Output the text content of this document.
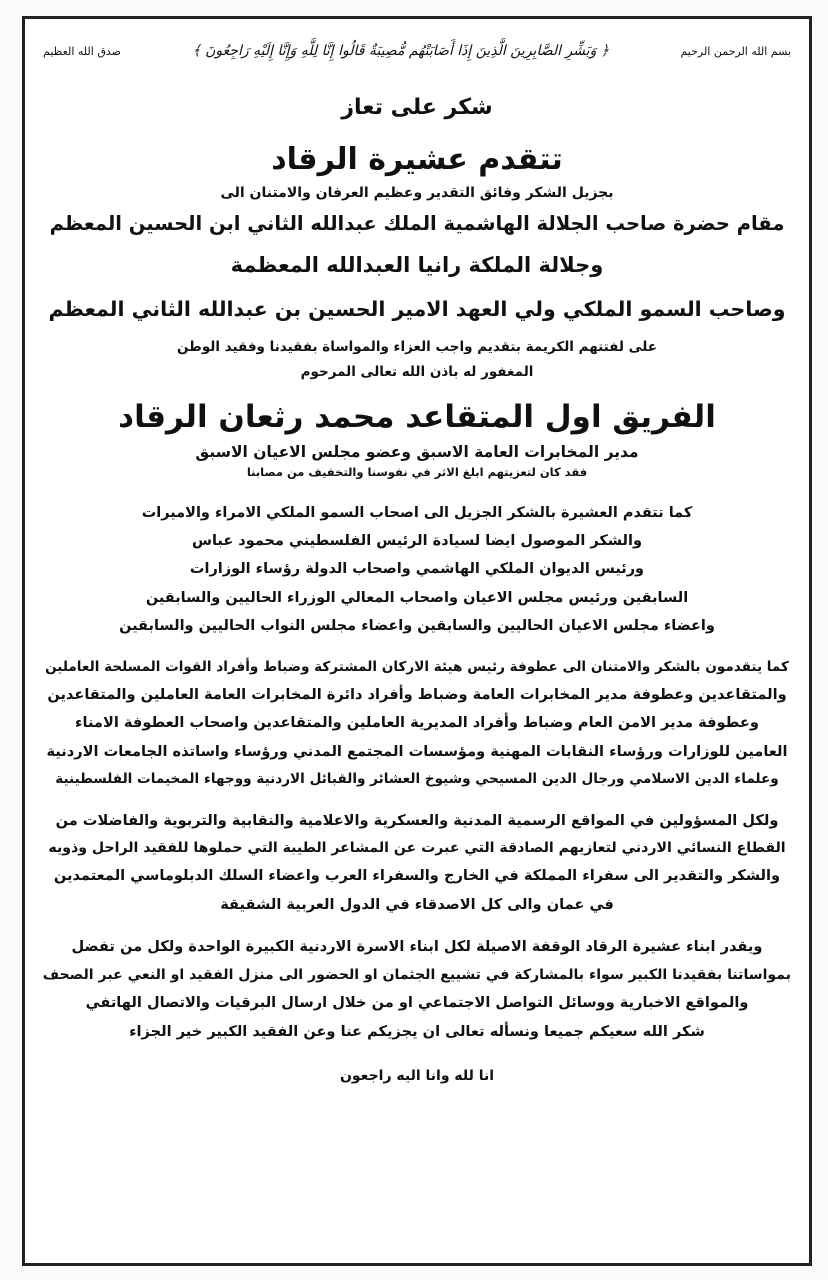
بسم الله الرحمن الرحيم
﴿ وَبَشِّرِ الصَّابِرِينَ الَّذِينَ إِذَا أَصَابَتْهُم مُّصِيبَةٌ قَالُوا إِنَّا لِلَّهِ وَإِنَّا إِلَيْهِ رَاجِعُونَ ﴾
صدق الله العظيم
شكر على تعاز
تتقدم عشيرة الرقاد
بجزيل الشكر وفائق التقدير وعظيم العرفان والامتنان الى
مقام حضرة صاحب الجلالة الهاشمية الملك عبدالله الثاني ابن الحسين المعظم
وجلالة الملكة رانيا العبدالله المعظمة
وصاحب السمو الملكي ولي العهد الامير الحسين بن عبدالله الثاني المعظم
على لفتتهم الكريمة بتقديم واجب العزاء والمواساة بفقيدنا وفقيد الوطن
المغفور له باذن الله تعالى المرحوم
الفريق اول المتقاعد محمد رثعان الرقاد
مدير المخابرات العامة الاسبق وعضو مجلس الاعيان الاسبق
فقد كان لتعزيتهم ابلغ الاثر في نفوسنا والتخفيف من مصابنا
كما تتقدم العشيرة بالشكر الجزيل الى اصحاب السمو الملكي الامراء والاميرات
والشكر الموصول ايضا لسيادة الرئيس الفلسطيني محمود عباس
ورئيس الديوان الملكي الهاشمي واصحاب الدولة رؤساء الوزارات
السابقين ورئيس مجلس الاعيان واصحاب المعالي الوزراء الحاليين والسابقين
واعضاء مجلس الاعيان الحاليين والسابقين واعضاء مجلس النواب الحاليين والسابقين
كما يتقدمون بالشكر والامتنان الى عطوفة رئيس هيئة الاركان المشتركة وضباط وأفراد القوات المسلحة العاملين
والمتقاعدين وعطوفة مدير المخابرات العامة وضباط وأفراد دائرة المخابرات العامة العاملين والمتقاعدين
وعطوفة مدير الامن العام وضباط وأفراد المديرية العاملين والمتقاعدين واصحاب العطوفة الامناء
العامين للوزارات ورؤساء النقابات المهنية ومؤسسات المجتمع المدني ورؤساء واساتذه الجامعات الاردنية
وعلماء الدين الاسلامي ورجال الدين المسيحي وشيوخ العشائر والقبائل الاردنية ووجهاء المخيمات الفلسطينية
ولكل المسؤولين في المواقع الرسمية المدنية والعسكرية والاعلامية والنقابية والتربوية والفاضلات من
القطاع النسائي الاردني لتعازيهم الصادقة التي عبرت عن المشاعر الطيبة التي حملوها للفقيد الراحل وذويه
والشكر والتقدير الى سفراء المملكة في الخارج والسفراء العرب واعضاء السلك الدبلوماسي المعتمدين
في عمان والى كل الاصدقاء في الدول العربية الشقيقة
ويقدر ابناء عشيرة الرقاد الوقفة الاصيلة لكل ابناء الاسرة الاردنية الكبيرة الواحدة ولكل من تفضل
بمواساتنا بفقيدنا الكبير سواء بالمشاركة في تشييع الجثمان او الحضور الى منزل الفقيد او النعي عبر الصحف
والمواقع الاخبارية ووسائل التواصل الاجتماعي او من خلال ارسال البرقيات والاتصال الهاتفي
شكر الله سعيكم جميعا ونسأله تعالى ان يجزيكم عنا وعن الفقيد الكبير خير الجزاء
انا لله وانا اليه راجعون
